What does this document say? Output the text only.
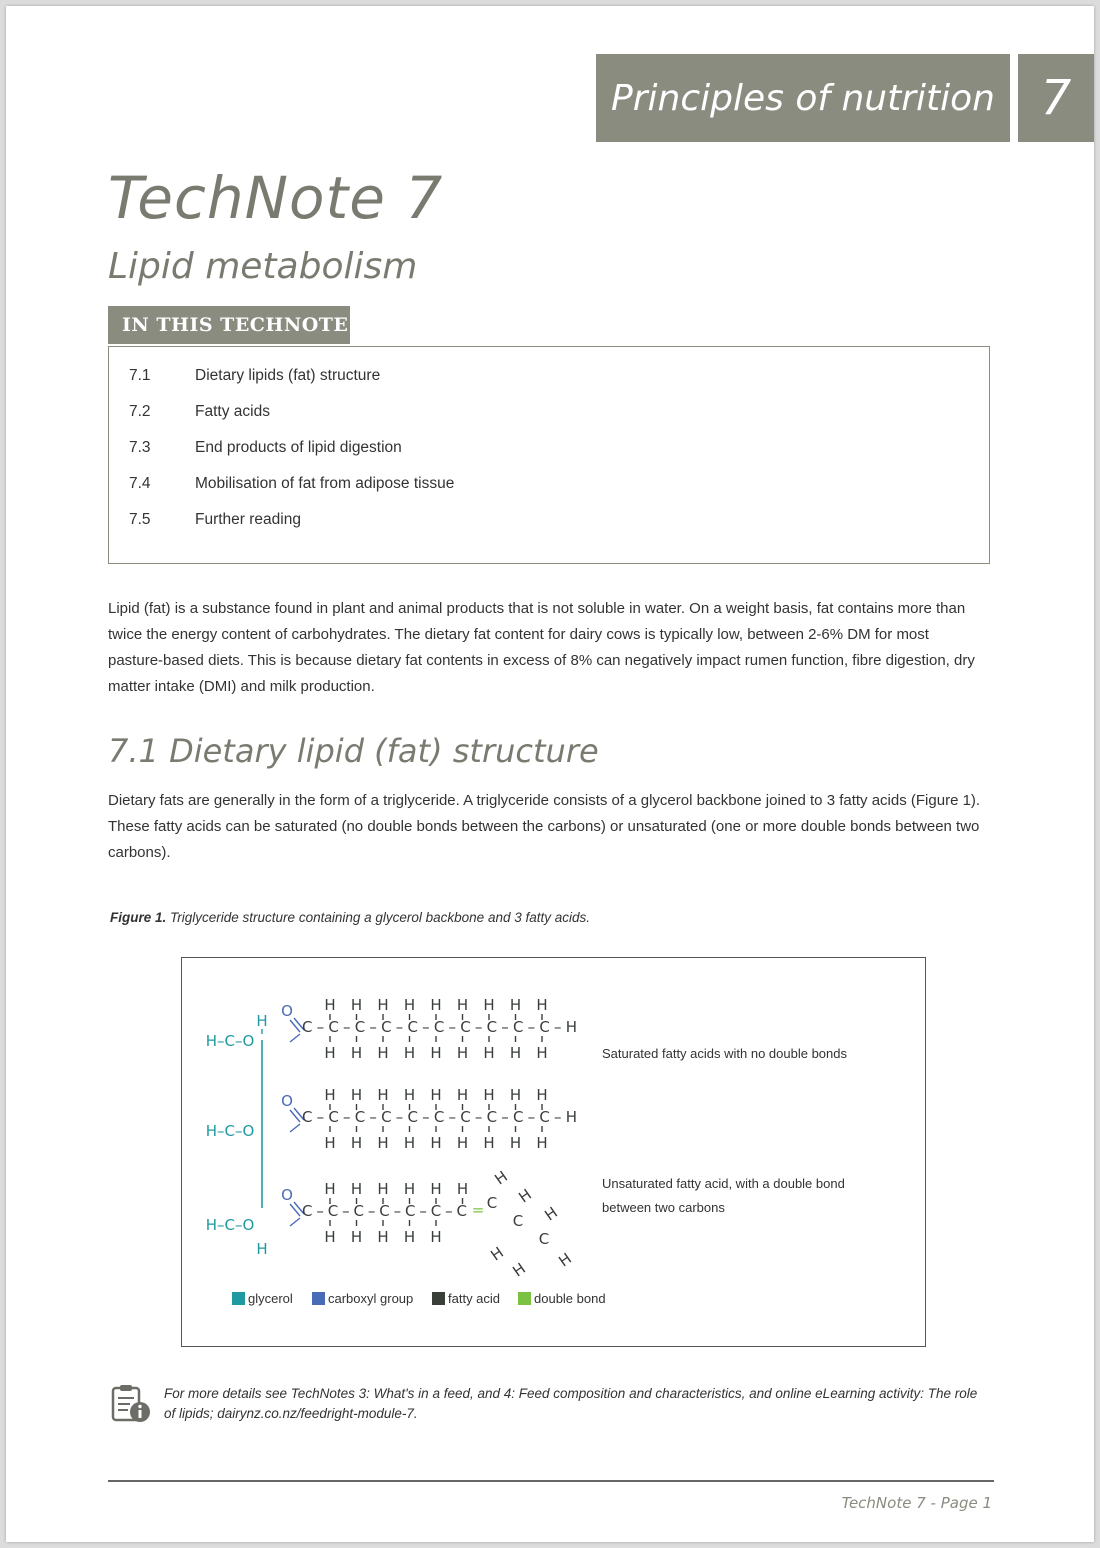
Principles of nutrition 7
TechNote 7
Lipid metabolism
IN THIS TECHNOTE
7.1	Dietary lipids (fat) structure
7.2	Fatty acids
7.3	End products of lipid digestion
7.4	Mobilisation of fat from adipose tissue
7.5	Further reading
Lipid (fat) is a substance found in plant and animal products that is not soluble in water. On a weight basis, fat contains more than twice the energy content of carbohydrates. The dietary fat content for dairy cows is typically low, between 2-6% DM for most pasture-based diets. This is because dietary fat contents in excess of 8% can negatively impact rumen function, fibre digestion, dry matter intake (DMI) and milk production.
7.1 Dietary lipid (fat) structure
Dietary fats are generally in the form of a triglyceride. A triglyceride consists of a glycerol backbone joined to 3 fatty acids (Figure 1). These fatty acids can be saturated (no double bonds between the carbons) or unsaturated (one or more double bonds between two carbons).
Figure 1. Triglyceride structure containing a glycerol backbone and 3 fatty acids.
H–C–O
H
O
H–C–O
O
H–C–O
H
O
C–C–C–C–C–C–C–C–C–C–H
H
H
H
H
H
H
H
H
H
H
H
H
H
H
H
H
H
H
C–C–C–C–C–C–C–C–C–C–H
H
H
H
H
H
H
H
H
H
H
H
H
H
H
H
H
H
H
C–C–C–C–C–C–C
H
H
H
H
H
H
H
H
H
H
H
= C
H
C
H
C
H
H
H H
Saturated fatty acids with no double bonds
Unsaturated fatty acid, with a double bond
between two carbons
glycerol	carboxyl group	fatty acid	double bond
For more details see TechNotes 3: What's in a feed, and 4: Feed composition and characteristics, and online eLearning activity: The role of lipids; dairynz.co.nz/feedright-module-7.
TechNote 7 - Page 1
